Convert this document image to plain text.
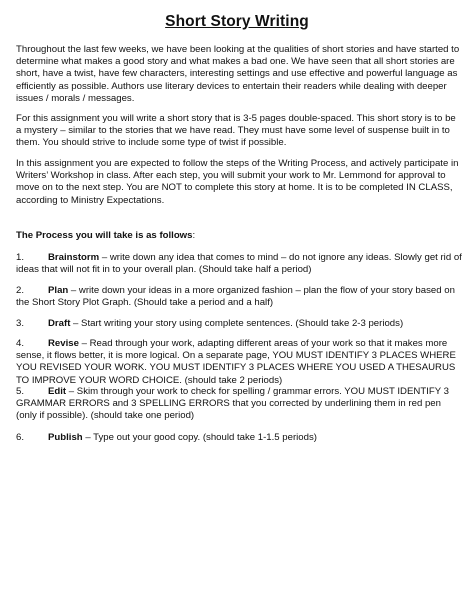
Short Story Writing

Throughout the last few weeks, we have been looking at the qualities of short stories and have started to determine what makes a good story and what makes a bad one. We have seen that all short stories are short, have a twist, have few characters, interesting settings and use effective and powerful language as efficiently as possible. Authors use literary devices to entertain their readers while dealing with deeper issues / morals / messages.

For this assignment you will write a short story that is 3-5 pages double-spaced. This short story is to be a mystery – similar to the stories that we have read. They must have some level of suspense built in to them. You should strive to include some type of twist if possible.

In this assignment you are expected to follow the steps of the Writing Process, and actively participate in Writers’ Workshop in class. After each step, you will submit your work to Mr. Lemmond for approval to move on to the next step. You are NOT to complete this story at home. It is to be completed IN CLASS, according to Ministry Expectations.

The Process you will take is as follows:
1. Brainstorm – write down any idea that comes to mind – do not ignore any ideas. Slowly get rid of ideas that will not fit in to your overall plan. (Should take half a period)
2. Plan – write down your ideas in a more organized fashion – plan the flow of your story based on the Short Story Plot Graph. (Should take a period and a half)
3. Draft – Start writing your story using complete sentences. (Should take 2-3 periods)
4. Revise – Read through your work, adapting different areas of your work so that it makes more sense, it flows better, it is more logical. On a separate page, YOU MUST IDENTIFY 3 PLACES WHERE YOU REVISED YOUR WORK. YOU MUST IDENTIFY 3 PLACES WHERE YOU USED A THESAURUS TO IMPROVE YOUR WORD CHOICE. (should take 2 periods)
5. Edit – Skim through your work to check for spelling / grammar errors. YOU MUST IDENTIFY 3 GRAMMAR ERRORS and 3 SPELLING ERRORS that you corrected by underlining them in red pen (only if possible). (should take one period)
6. Publish – Type out your good copy. (should take 1-1.5 periods)
